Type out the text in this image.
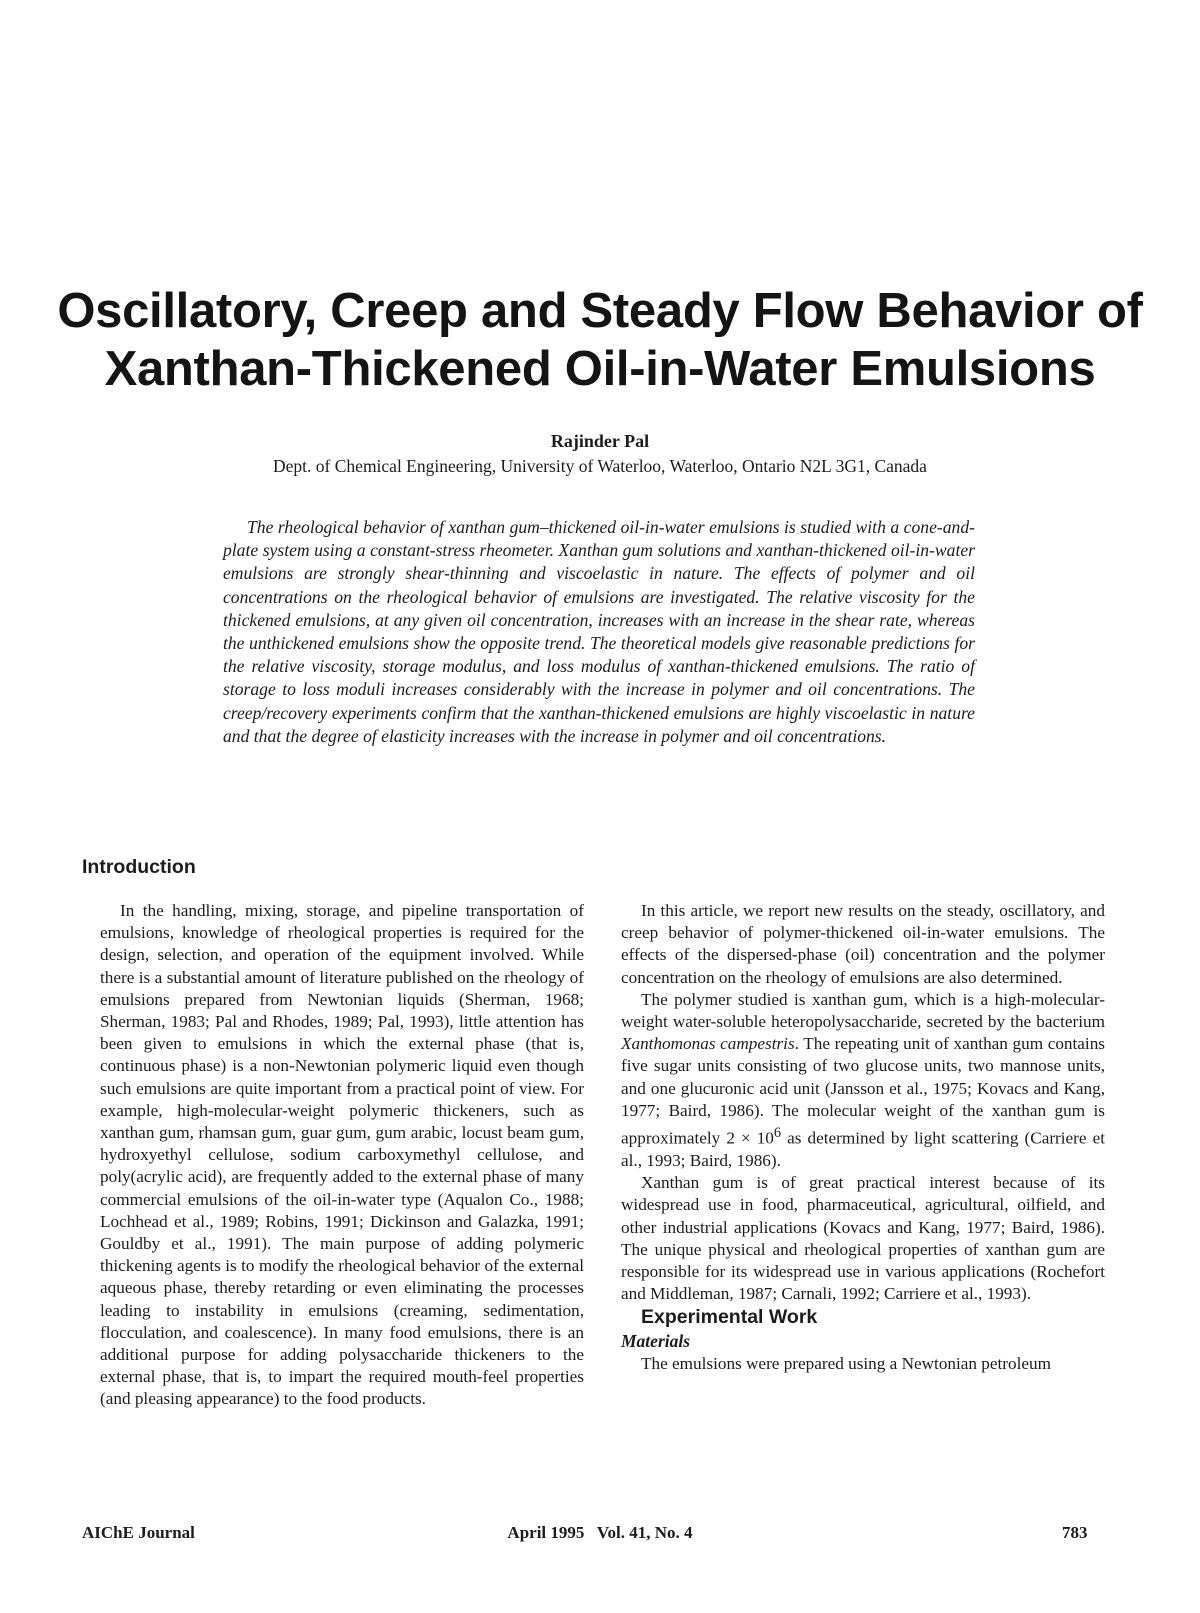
Oscillatory, Creep and Steady Flow Behavior of
Xanthan-Thickened Oil-in-Water Emulsions
Rajinder Pal
Dept. of Chemical Engineering, University of Waterloo, Waterloo, Ontario N2L 3G1, Canada
The rheological behavior of xanthan gum–thickened oil-in-water emulsions is studied with a cone-and-plate system using a constant-stress rheometer. Xanthan gum solutions and xanthan-thickened oil-in-water emulsions are strongly shear-thinning and viscoelastic in nature. The effects of polymer and oil concentrations on the rheological behavior of emulsions are investigated. The relative viscosity for the thickened emulsions, at any given oil concentration, increases with an increase in the shear rate, whereas the unthickened emulsions show the opposite trend. The theoretical models give reasonable predictions for the relative viscosity, storage modulus, and loss modulus of xanthan-thickened emulsions. The ratio of storage to loss moduli increases considerably with the increase in polymer and oil concentrations. The creep/recovery experiments confirm that the xanthan-thickened emulsions are highly viscoelastic in nature and that the degree of elasticity increases with the increase in polymer and oil concentrations.
Introduction

In the handling, mixing, storage, and pipeline transportation of emulsions, knowledge of rheological properties is required for the design, selection, and operation of the equipment involved. While there is a substantial amount of literature published on the rheology of emulsions prepared from Newtonian liquids (Sherman, 1968; Sherman, 1983; Pal and Rhodes, 1989; Pal, 1993), little attention has been given to emulsions in which the external phase (that is, continuous phase) is a non-Newtonian polymeric liquid even though such emulsions are quite important from a practical point of view. For example, high-molecular-weight polymeric thickeners, such as xanthan gum, rhamsan gum, guar gum, gum arabic, locust beam gum, hydroxyethyl cellulose, sodium carboxymethyl cellulose, and poly(acrylic acid), are frequently added to the external phase of many commercial emulsions of the oil-in-water type (Aqualon Co., 1988; Lochhead et al., 1989; Robins, 1991; Dickinson and Galazka, 1991; Gouldby et al., 1991). The main purpose of adding polymeric thickening agents is to modify the rheological behavior of the external aqueous phase, thereby retarding or even eliminating the processes leading to instability in emulsions (creaming, sedimentation, flocculation, and coalescence). In many food emulsions, there is an additional purpose for adding polysaccharide thickeners to the external phase, that is, to impart the required mouth-feel properties (and pleasing appearance) to the food products.

In this article, we report new results on the steady, oscillatory, and creep behavior of polymer-thickened oil-in-water emulsions. The effects of the dispersed-phase (oil) concentration and the polymer concentration on the rheology of emulsions are also determined.

The polymer studied is xanthan gum, which is a high-molecular-weight water-soluble heteropolysaccharide, secreted by the bacterium Xanthomonas campestris. The repeating unit of xanthan gum contains five sugar units consisting of two glucose units, two mannose units, and one glucuronic acid unit (Jansson et al., 1975; Kovacs and Kang, 1977; Baird, 1986). The molecular weight of the xanthan gum is approximately $2 \times 10^6$ as determined by light scattering (Carriere et al., 1993; Baird, 1986).

Xanthan gum is of great practical interest because of its widespread use in food, pharmaceutical, agricultural, oilfield, and other industrial applications (Kovacs and Kang, 1977; Baird, 1986). The unique physical and rheological properties of xanthan gum are responsible for its widespread use in various applications (Rochefort and Middleman, 1987; Carnali, 1992; Carriere et al., 1993).

Experimental Work

Materials

The emulsions were prepared using a Newtonian petroleum

AIChE Journal	April 1995   Vol. 41, No. 4	783
